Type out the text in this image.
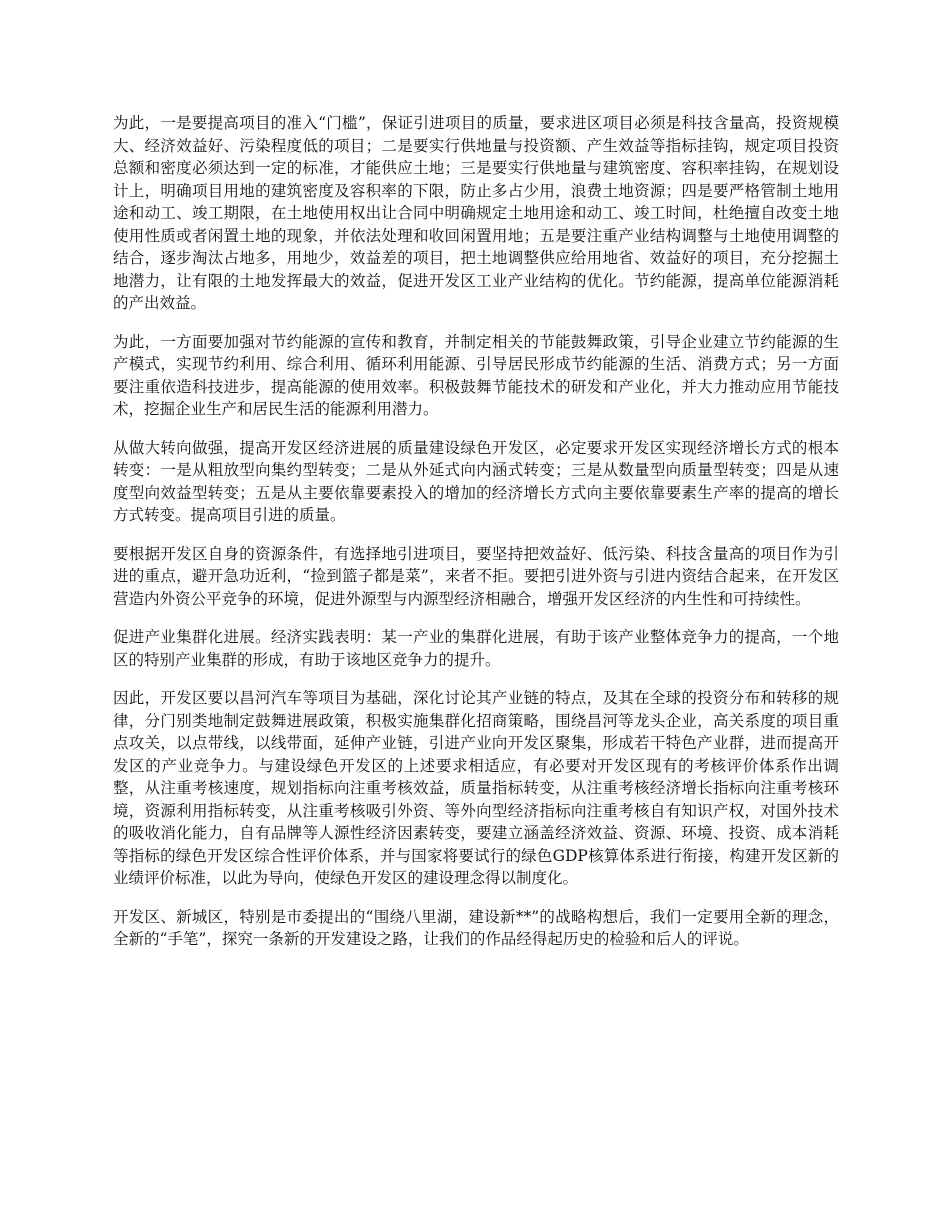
为此，一是要提高项目的准入“门槛”，保证引进项目的质量，要求进区项目必须是科技含量高，投资规模大、经济效益好、污染程度低的项目；二是要实行供地量与投资额、产生效益等指标挂钩，规定项目投资总额和密度必须达到一定的标准，才能供应土地；三是要实行供地量与建筑密度、容积率挂钩，在规划设计上，明确项目用地的建筑密度及容积率的下限，防止多占少用，浪费土地资源；四是要严格管制土地用途和动工、竣工期限，在土地使用权出让合同中明确规定土地用途和动工、竣工时间，杜绝擅自改变土地使用性质或者闲置土地的现象，并依法处理和收回闲置用地；五是要注重产业结构调整与土地使用调整的结合，逐步淘汰占地多，用地少，效益差的项目，把土地调整供应给用地省、效益好的项目，充分挖掘土地潜力，让有限的土地发挥最大的效益，促进开发区工业产业结构的优化。节约能源，提高单位能源消耗的产出效益。

为此，一方面要加强对节约能源的宣传和教育，并制定相关的节能鼓舞政策，引导企业建立节约能源的生产模式，实现节约利用、综合利用、循环利用能源、引导居民形成节约能源的生活、消费方式；另一方面要注重依造科技进步，提高能源的使用效率。积极鼓舞节能技术的研发和产业化，并大力推动应用节能技术，挖掘企业生产和居民生活的能源利用潜力。

从做大转向做强，提高开发区经济进展的质量建设绿色开发区，必定要求开发区实现经济增长方式的根本转变：一是从粗放型向集约型转变；二是从外延式向内涵式转变；三是从数量型向质量型转变；四是从速度型向效益型转变；五是从主要依靠要素投入的增加的经济增长方式向主要依靠要素生产率的提高的增长方式转变。提高项目引进的质量。

要根据开发区自身的资源条件，有选择地引进项目，要坚持把效益好、低污染、科技含量高的项目作为引进的重点，避开急功近利，“捡到篮子都是菜”，来者不拒。要把引进外资与引进内资结合起来，在开发区营造内外资公平竞争的环境，促进外源型与内源型经济相融合，增强开发区经济的内生性和可持续性。

促进产业集群化进展。经济实践表明：某一产业的集群化进展，有助于该产业整体竞争力的提高，一个地区的特别产业集群的形成，有助于该地区竞争力的提升。

因此，开发区要以昌河汽车等项目为基础，深化讨论其产业链的特点，及其在全球的投资分布和转移的规律，分门别类地制定鼓舞进展政策，积极实施集群化招商策略，围绕昌河等龙头企业，高关系度的项目重点攻关，以点带线，以线带面，延伸产业链，引进产业向开发区聚集，形成若干特色产业群，进而提高开发区的产业竞争力。与建设绿色开发区的上述要求相适应，有必要对开发区现有的考核评价体系作出调整，从注重考核速度，规划指标向注重考核效益，质量指标转变，从注重考核经济增长指标向注重考核环境，资源利用指标转变，从注重考核吸引外资、等外向型经济指标向注重考核自有知识产权，对国外技术的吸收消化能力，自有品牌等人源性经济因素转变，要建立涵盖经济效益、资源、环境、投资、成本消耗等指标的绿色开发区综合性评价体系，并与国家将要试行的绿色GDP核算体系进行衔接，构建开发区新的业绩评价标准，以此为导向，使绿色开发区的建设理念得以制度化。

开发区、新城区，特别是市委提出的“围绕八里湖，建设新**”的战略构想后，我们一定要用全新的理念，全新的“手笔”，探究一条新的开发建设之路，让我们的作品经得起历史的检验和后人的评说。
